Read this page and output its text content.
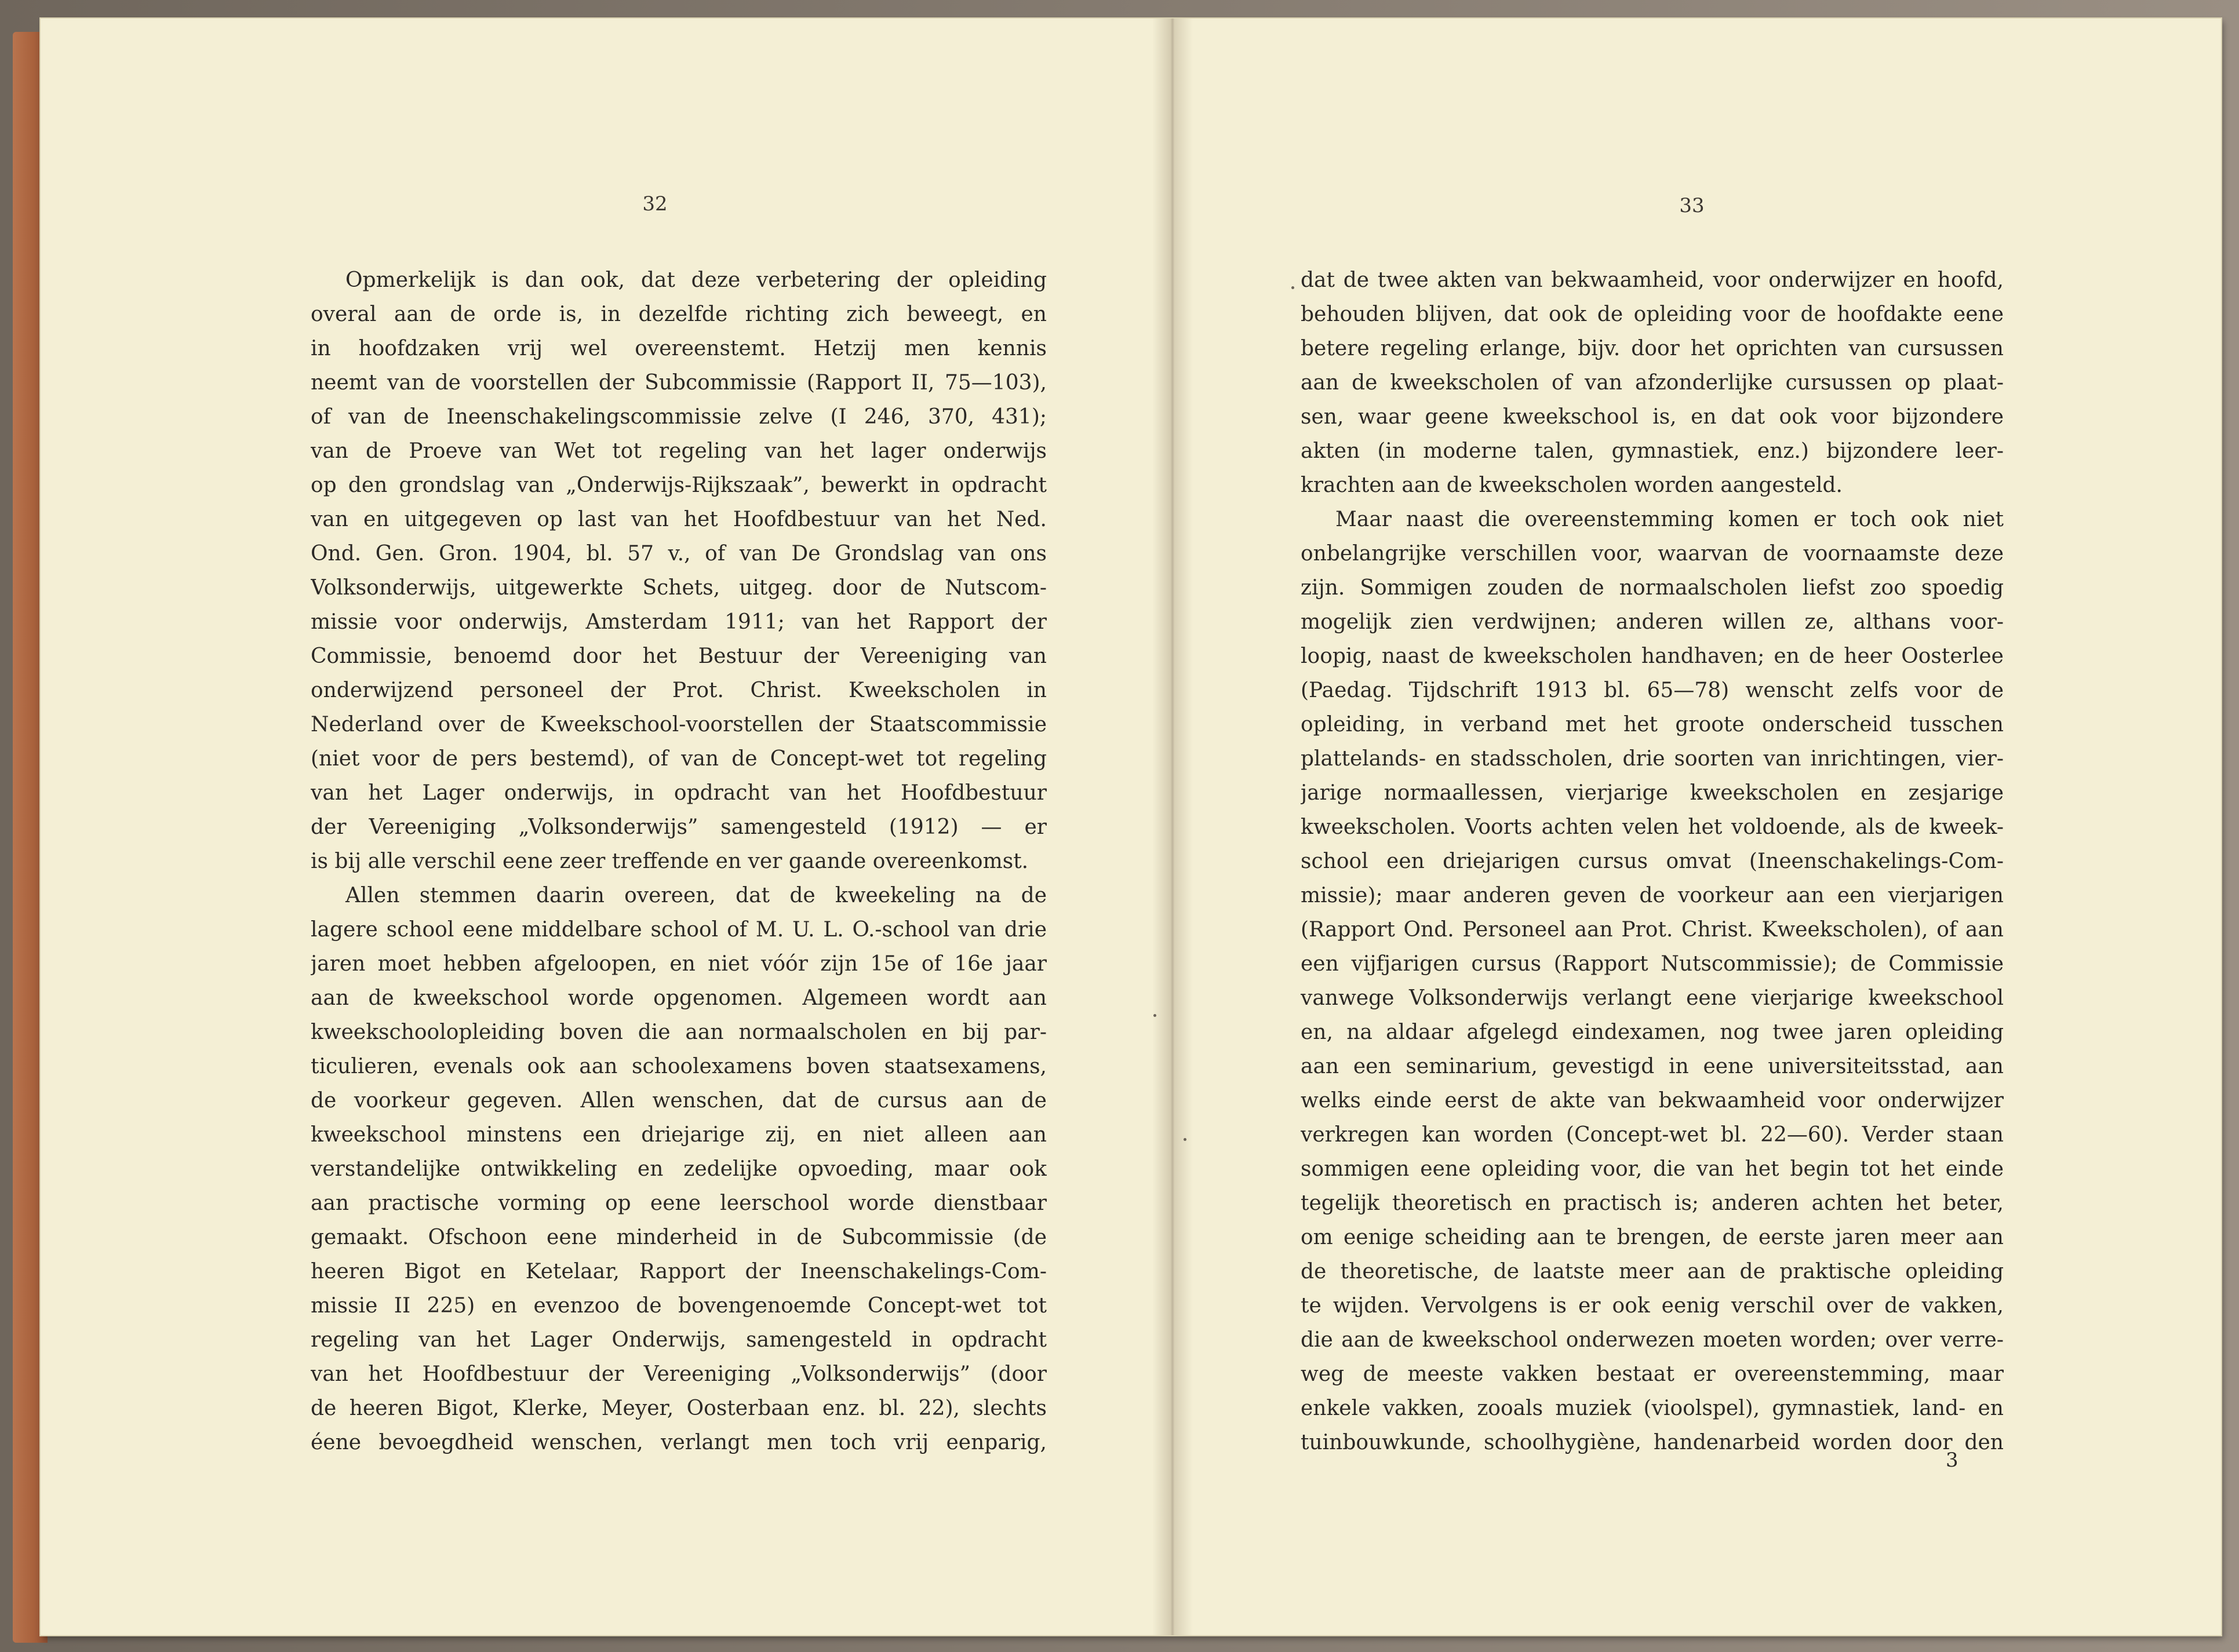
32
Opmerkelijk is dan ook, dat deze verbetering der opleiding
overal aan de orde is, in dezelfde richting zich beweegt, en
in hoofdzaken vrij wel overeenstemt. Hetzij men kennis
neemt van de voorstellen der Subcommissie (Rapport II, 75—103),
of van de Ineenschakelingscommissie zelve (I 246, 370, 431);
van de Proeve van Wet tot regeling van het lager onderwijs
op den grondslag van „Onderwijs-Rijkszaak”, bewerkt in opdracht
van en uitgegeven op last van het Hoofdbestuur van het Ned.
Ond. Gen. Gron. 1904, bl. 57 v., of van De Grondslag van ons
Volksonderwijs, uitgewerkte Schets, uitgeg. door de Nutscom-
missie voor onderwijs, Amsterdam 1911; van het Rapport der
Commissie, benoemd door het Bestuur der Vereeniging van
onderwijzend personeel der Prot. Christ. Kweekscholen in
Nederland over de Kweekschool-voorstellen der Staatscommissie
(niet voor de pers bestemd), of van de Concept-wet tot regeling
van het Lager onderwijs, in opdracht van het Hoofdbestuur
der Vereeniging „Volksonderwijs” samengesteld (1912) — er
is bij alle verschil eene zeer treffende en ver gaande overeenkomst.
Allen stemmen daarin overeen, dat de kweekeling na de
lagere school eene middelbare school of M. U. L. O.-school van drie
jaren moet hebben afgeloopen, en niet vóór zijn 15e of 16e jaar
aan de kweekschool worde opgenomen. Algemeen wordt aan
kweekschoolopleiding boven die aan normaalscholen en bij par-
ticulieren, evenals ook aan schoolexamens boven staatsexamens,
de voorkeur gegeven. Allen wenschen, dat de cursus aan de
kweekschool minstens een driejarige zij, en niet alleen aan
verstandelijke ontwikkeling en zedelijke opvoeding, maar ook
aan practische vorming op eene leerschool worde dienstbaar
gemaakt. Ofschoon eene minderheid in de Subcommissie (de
heeren Bigot en Ketelaar, Rapport der Ineenschakelings-Com-
missie II 225) en evenzoo de bovengenoemde Concept-wet tot
regeling van het Lager Onderwijs, samengesteld in opdracht
van het Hoofdbestuur der Vereeniging „Volksonderwijs” (door
de heeren Bigot, Klerke, Meyer, Oosterbaan enz. bl. 22), slechts
éene bevoegdheid wenschen, verlangt men toch vrij eenparig,
33
dat de twee akten van bekwaamheid, voor onderwijzer en hoofd,
behouden blijven, dat ook de opleiding voor de hoofdakte eene
betere regeling erlange, bijv. door het oprichten van cursussen
aan de kweekscholen of van afzonderlijke cursussen op plaat-
sen, waar geene kweekschool is, en dat ook voor bijzondere
akten (in moderne talen, gymnastiek, enz.) bijzondere leer-
krachten aan de kweekscholen worden aangesteld.
Maar naast die overeenstemming komen er toch ook niet
onbelangrijke verschillen voor, waarvan de voornaamste deze
zijn. Sommigen zouden de normaalscholen liefst zoo spoedig
mogelijk zien verdwijnen; anderen willen ze, althans voor-
loopig, naast de kweekscholen handhaven; en de heer Oosterlee
(Paedag. Tijdschrift 1913 bl. 65—78) wenscht zelfs voor de
opleiding, in verband met het groote onderscheid tusschen
plattelands- en stadsscholen, drie soorten van inrichtingen, vier-
jarige normaallessen, vierjarige kweekscholen en zesjarige
kweekscholen. Voorts achten velen het voldoende, als de kweek-
school een driejarigen cursus omvat (Ineenschakelings-Com-
missie); maar anderen geven de voorkeur aan een vierjarigen
(Rapport Ond. Personeel aan Prot. Christ. Kweekscholen), of aan
een vijfjarigen cursus (Rapport Nutscommissie); de Commissie
vanwege Volksonderwijs verlangt eene vierjarige kweekschool
en, na aldaar afgelegd eindexamen, nog twee jaren opleiding
aan een seminarium, gevestigd in eene universiteitsstad, aan
welks einde eerst de akte van bekwaamheid voor onderwijzer
verkregen kan worden (Concept-wet bl. 22—60). Verder staan
sommigen eene opleiding voor, die van het begin tot het einde
tegelijk theoretisch en practisch is; anderen achten het beter,
om eenige scheiding aan te brengen, de eerste jaren meer aan
de theoretische, de laatste meer aan de praktische opleiding
te wijden. Vervolgens is er ook eenig verschil over de vakken,
die aan de kweekschool onderwezen moeten worden; over verre-
weg de meeste vakken bestaat er overeenstemming, maar
enkele vakken, zooals muziek (vioolspel), gymnastiek, land- en
tuinbouwkunde, schoolhygiène, handenarbeid worden door den
3
